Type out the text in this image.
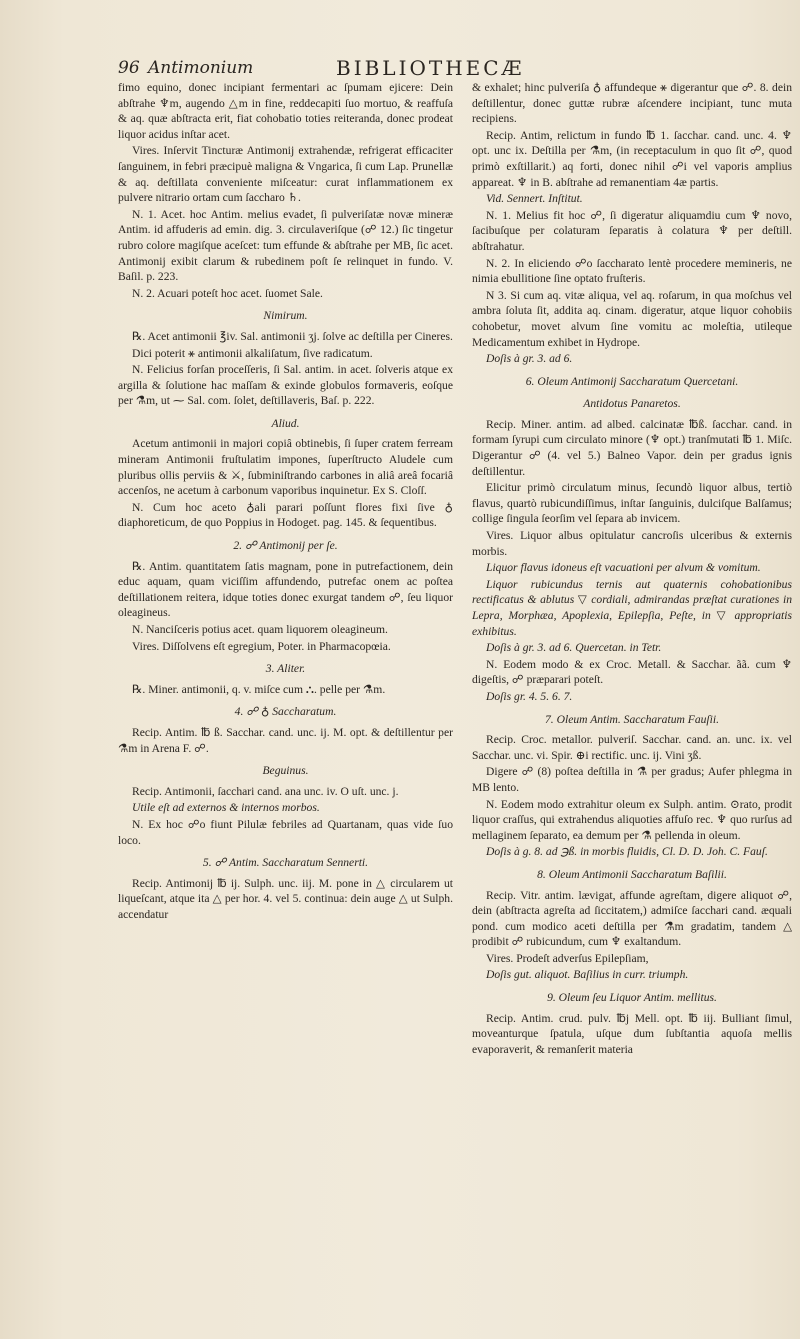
96 Antimonium	BIBLIOTHECÆ

fimo equino, donec incipiant fermentari ac ſpumam ejicere: Dein abſtrahe ♆m, augendo △m in fine, reddecapiti ſuo mortuo, & reaffuſa & aq. quæ abſtracta erit, fiat cohobatio toties reiteranda, donec prodeat liquor acidus inſtar acet.

Vires. Inſervit Tincturæ Antimonij extrahendæ, refrigerat efficaciter ſanguinem, in febri præcipuè maligna & Vngarica, ſi cum Lap. Prunellæ & aq. deſtillata conveniente miſceatur: curat inflammationem ex pulvere nitrario ortam cum ſaccharo ♄.

N. 1. Acet. hoc Antim. melius evadet, ſi pulveriſatæ novæ mineræ Antim. id affuderis ad emin. dig. 3. circulaveriſque (☍ 12.) ſic tingetur rubro colore magiſque aceſcet: tum effunde & abſtrahe per MB, ſic acet. Antimonij exibit clarum & rubedinem poſt ſe relinquet in fundo. V. Baſil. p. 223.

N. 2. Acuari poteſt hoc acet. ſuomet Sale.

Nimirum.

℞. Acet antimonii ℥iv. Sal. antimonii ʒj. ſolve ac deſtilla per Cineres.

Dici poterit ⚹ antimonii alkaliſatum, ſive radicatum.

N. Felicius forſan proceſſeris, ſi Sal. antim. in acet. ſolveris atque ex argilla & ſolutione hac maſſam & exinde globulos formaveris, eoſque per ⚗m, ut ⁓ Sal. com. ſolet, deſtillaveris, Baſ. p. 222.

Aliud.

Acetum antimonii in majori copiâ obtinebis, ſi ſuper cratem ferream mineram Antimonii fruſtulatim impones, ſuperſtructo Aludele cum pluribus ollis perviis & ⚔, ſubminiſtrando carbones in aliâ areâ focariâ accenſos, ne acetum à carbonum vaporibus inquinetur. Ex S. Cloſſ.

N. Cum hoc aceto ♁ali parari poſſunt flores fixi ſive ♁ diaphoreticum, de quo Poppius in Hodoget. pag. 145. & ſequentibus.

2. ☍ Antimonij per ſe.

℞. Antim. quantitatem ſatis magnam, pone in putrefactionem, dein educ aquam, quam viciſſim affundendo, putrefac onem ac poſtea deſtillationem reitera, idque toties donec exurgat tandem ☍, ſeu liquor oleagineus.

N. Nanciſceris potius acet. quam liquorem oleagineum.

Vires. Diſſolvens eſt egregium, Poter. in Pharmacopœia.

3. Aliter.

℞. Miner. antimonii, q. v. miſce cum ⛬. pelle per ⚗m.

4. ☍ ♁ Saccharatum.

Recip. Antim. ℔ ß. Sacchar. cand. unc. ij. M. opt. & deſtillentur per ⚗m in Arena F. ☍.

Beguinus.

Recip. Antimonii, ſacchari cand. ana unc. iv. O uſt. unc. j.

Utile eſt ad externos & internos morbos.

N. Ex hoc ☍o fiunt Pilulæ febriles ad Quartanam, quas vide ſuo loco.

5. ☍ Antim. Saccharatum Sennerti.

Recip. Antimonij ℔ ij. Sulph. unc. iij. M. pone in △ circularem ut liqueſcant, atque ita △ per hor. 4. vel 5. continua: dein auge △ ut Sulph. accendatur

& exhalet; hinc pulveriſa ♁ affundeque ⚹ digerantur que ☍. 8. dein deſtillentur, donec guttæ rubræ aſcendere incipiant, tunc muta recipiens.

Recip. Antim, relictum in fundo ℔ 1. ſacchar. cand. unc. 4. ♆ opt. unc ix. Deſtilla per ⚗m, (in receptaculum in quo ſit ☍, quod primò exſtillarit.) aq forti, donec nihil ☍i vel vaporis amplius appareat. ♆ in B. abſtrahe ad remanentiam 4æ partis.

Vid. Sennert. Inſtitut.

N. 1. Melius fit hoc ☍, ſi digeratur aliquamdiu cum ♆ novo, ſacibuſque per colaturam ſeparatis à colatura ♆ per deſtill. abſtrahatur.

N. 2. In eliciendo ☍o ſaccharato lentè procedere memineris, ne nimia ebullitione ſine optato fruſteris.

N 3. Si cum aq. vitæ aliqua, vel aq. roſarum, in qua moſchus vel ambra ſoluta ſit, addita aq. cinam. digeratur, atque liquor cohobiis cohobetur, movet alvum ſine vomitu ac moleſtia, utileque Medicamentum exhibet in Hydrope.

Doſis à gr. 3. ad 6.

6. Oleum Antimonij Saccharatum Quercetani.

Antidotus Panaretos.

Recip. Miner. antim. ad albed. calcinatæ ℔ß. ſacchar. cand. in formam ſyrupi cum circulato minore (♆ opt.) tranſmutati ℔ 1. Miſc. Digerantur ☍ (4. vel 5.) Balneo Vapor. dein per gradus ignis deſtillentur.

Elicitur primò circulatum minus, ſecundò liquor albus, tertiò flavus, quartò rubicundiſſimus, inſtar ſanguinis, dulciſque Balſamus; collige ſingula ſeorſim vel ſepara ab invicem.

Vires. Liquor albus opitulatur cancroſis ulceribus & externis morbis.

Liquor flavus idoneus eſt vacuationi per alvum & vomitum.

Liquor rubicundus ternis aut quaternis cohobationibus rectificatus & ablutus ▽ cordiali, admirandas præſtat curationes in Lepra, Morphæa, Apoplexia, Epilepſia, Peſte, in ▽ appropriatis exhibitus.

Doſis à gr. 3. ad 6. Quercetan. in Tetr.

N. Eodem modo & ex Croc. Metall. & Sacchar. ãã. cum ♆ digeſtis, ☍ præparari poteſt.

Doſis gr. 4. 5. 6. 7.

7. Oleum Antim. Saccharatum Fauſii.

Recip. Croc. metallor. pulveriſ. Sacchar. cand. an. unc. ix. vel Sacchar. unc. vi. Spir. ⊕i rectific. unc. ij. Vini ʒß.

Digere ☍ (8) poſtea deſtilla in ⚗ per gradus; Aufer phlegma in MB lento.

N. Eodem modo extrahitur oleum ex Sulph. antim. ⊙rato, prodit liquor craſſus, qui extrahendus aliquoties affuſo rec. ♆ quo rurſus ad mellaginem ſeparato, ea demum per ⚗ pellenda in oleum.

Doſis à g. 8. ad ℈ß. in morbis fluidis, Cl. D. D. Joh. C. Fauſ.

8. Oleum Antimonii Saccharatum Baſilii.

Recip. Vitr. antim. lævigat, affunde agreſtam, digere aliquot ☍, dein (abſtracta agreſta ad ſiccitatem,) admiſce ſacchari cand. æquali pond. cum modico aceti deſtilla per ⚗m gradatim, tandem △ prodibit ☍ rubicundum, cum ♆ exaltandum.

Vires. Prodeſt adverſus Epilepſiam,

Doſis gut. aliquot. Baſilius in curr. triumph.

9. Oleum ſeu Liquor Antim. mellitus.

Recip. Antim. crud. pulv. ℔j Mell. opt. ℔ iij. Bulliant ſimul, moveanturque ſpatula, uſque dum ſubſtantia aquoſa mellis evaporaverit, & remanſerit materia
